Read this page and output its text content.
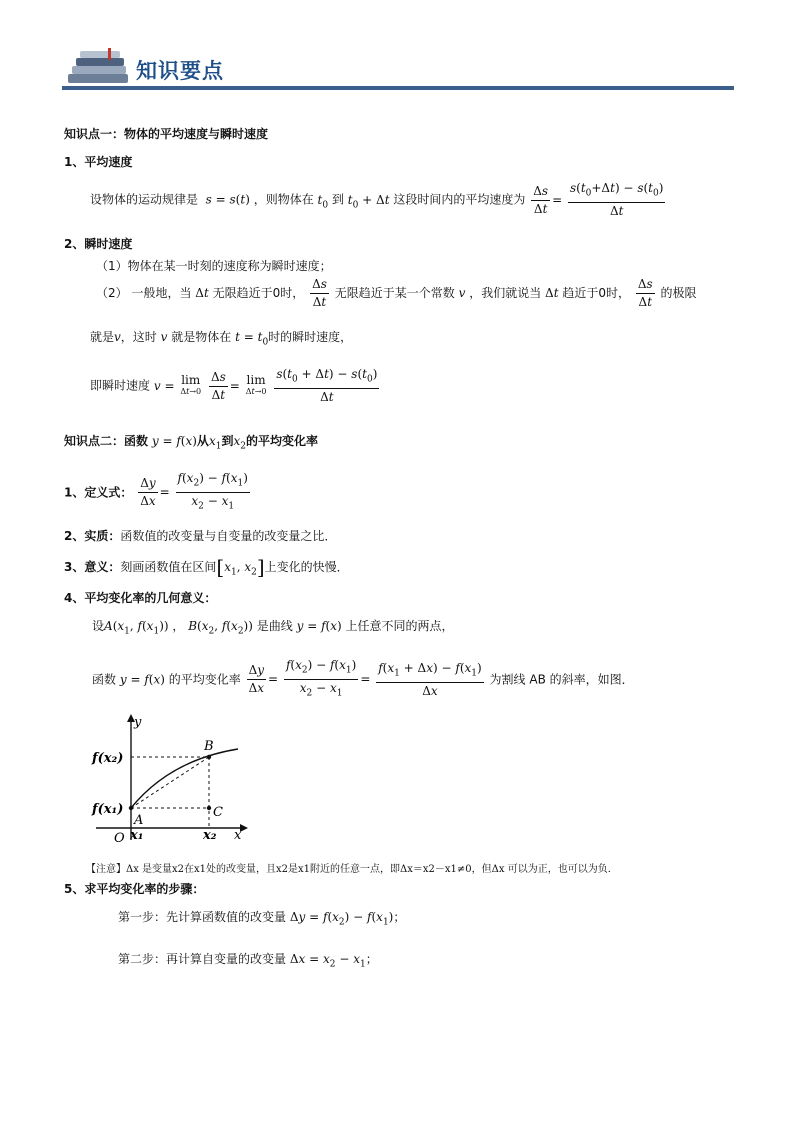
知识要点
知识点一：物体的平均速度与瞬时速度
1、平均速度
设物体的运动规律是  s = s(t) ，则物体在 $t_0$ 到 $t_0 + \Delta t$ 这段时间内的平均速度为 $\frac{\Delta s}{\Delta t} = \frac{s(t_0+\Delta t) - s(t_0)}{\Delta t}$
2、瞬时速度
（1）物体在某一时刻的速度称为瞬时速度；
（2） 一般地，当 Δt 无限趋近于0时， $\frac{\Delta s}{\Delta t}$ 无限趋近于某一个常数 v ，我们就说当 Δt 趋近于0时， $\frac{\Delta s}{\Delta t}$ 的极限
就是v，这时 v 就是物体在 $t = t_0$时的瞬时速度，
即瞬时速度 v = lim
Δt→0
$\frac{\Delta s}{\Delta t} = \lim$
Δt→0
$\frac{s(t_0 + \Delta t) - s(t_0)}{\Delta t}$
知识点二：函数 y = f(x)从$x_1$到$x_2$的平均变化率
1、定义式： $\frac{\Delta y}{\Delta x} = \frac{f(x_2) - f(x_1)}{x_2 - x_1}$
2、实质：函数值的改变量与自变量的改变量之比．
3、意义：刻画函数值在区间[$x_1$, $x_2$]上变化的快慢．
4、平均变化率的几何意义：
设$A(x_1$, $f(x_1)$) ， $B(x_2$, $f(x_2)$) 是曲线 y = f(x) 上任意不同的两点，
函数 y = f(x) 的平均变化率 $\frac{\Delta y}{\Delta x} = \frac{f(x_2) - f(x_1)}{x_2 - x_1} = \frac{f(x_1 + \Delta x) - f(x_1)}{\Delta x}$ 为割线 AB 的斜率，如图．
y
x
O
B
A
C
f(x₂)
f(x₁)
x₁	x₂
【注意】Δx 是变量x2在x1处的改变量，且x2是x1附近的任意一点，即Δx＝x2－x1≠0，但Δx 可以为正，也可以为负．
5、求平均变化率的步骤：
第一步：先计算函数值的改变量 $\Delta y = f(x_2) - f(x_1)$；
第二步：再计算自变量的改变量 $\Delta x = x_2 - x_1$；
